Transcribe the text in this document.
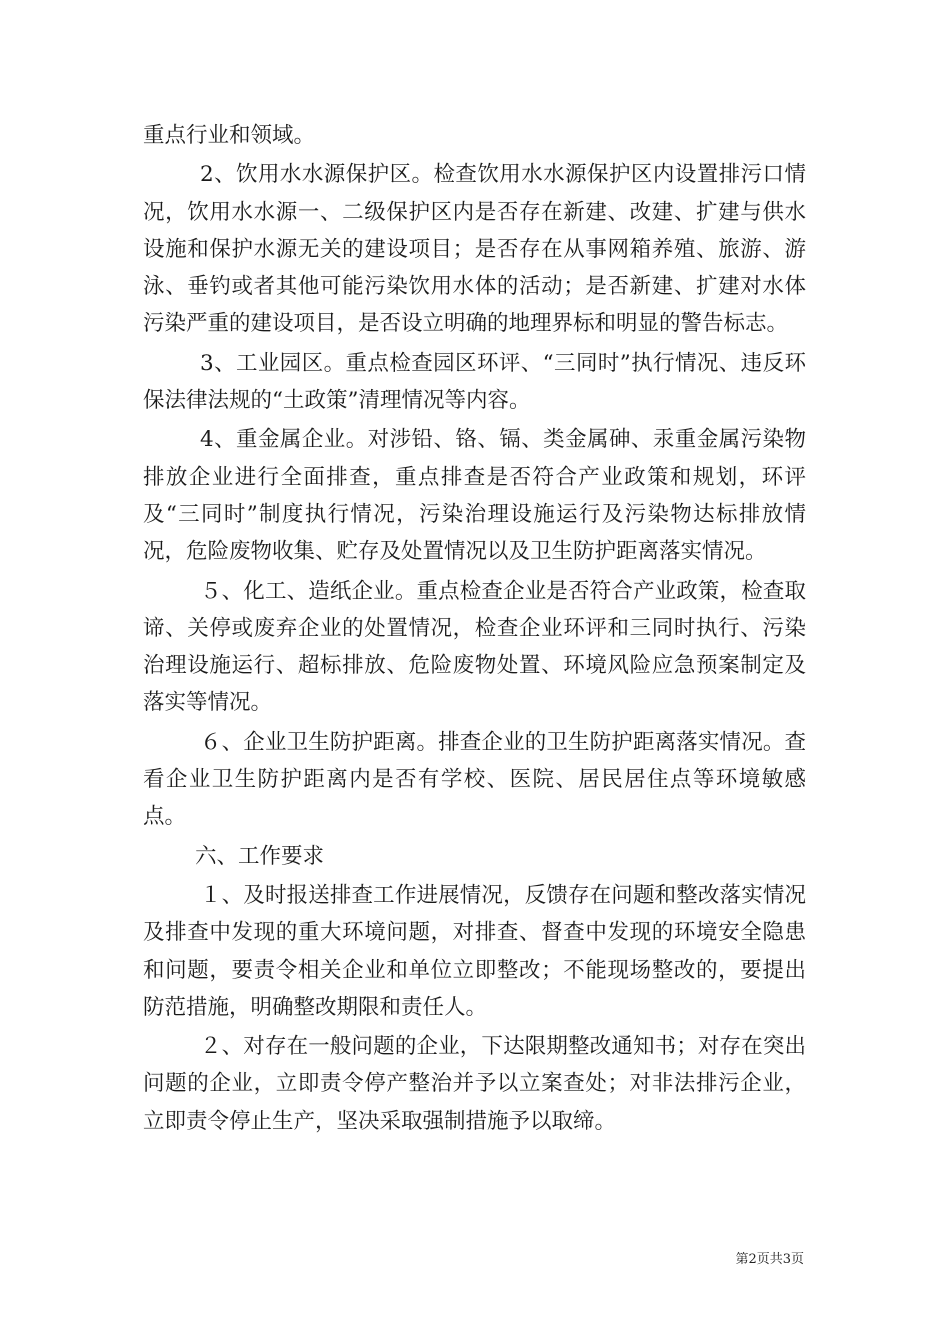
重点行业和领域。

2、饮用水水源保护区。检查饮用水水源保护区内设置排污口情况，饮用水水源一、二级保护区内是否存在新建、改建、扩建与供水设施和保护水源无关的建设项目；是否存在从事网箱养殖、旅游、游泳、垂钓或者其他可能污染饮用水体的活动；是否新建、扩建对水体污染严重的建设项目，是否设立明确的地理界标和明显的警告标志。

3、工业园区。重点检查园区环评、“三同时”执行情况、违反环保法律法规的“土政策”清理情况等内容。

4、重金属企业。对涉铅、铬、镉、类金属砷、汞重金属污染物排放企业进行全面排查，重点排查是否符合产业政策和规划，环评及“三同时”制度执行情况，污染治理设施运行及污染物达标排放情况，危险废物收集、贮存及处置情况以及卫生防护距离落实情况。

５、化工、造纸企业。重点检查企业是否符合产业政策，检查取谛、关停或废弃企业的处置情况，检查企业环评和三同时执行、污染治理设施运行、超标排放、危险废物处置、环境风险应急预案制定及落实等情况。

６、企业卫生防护距离。排查企业的卫生防护距离落实情况。查看企业卫生防护距离内是否有学校、医院、居民居住点等环境敏感点。

六、工作要求

１、及时报送排查工作进展情况，反馈存在问题和整改落实情况及排查中发现的重大环境问题，对排查、督查中发现的环境安全隐患和问题，要责令相关企业和单位立即整改；不能现场整改的，要提出防范措施，明确整改期限和责任人。

２、对存在一般问题的企业，下达限期整改通知书；对存在突出问题的企业，立即责令停产整治并予以立案查处；对非法排污企业，立即责令停止生产，坚决采取强制措施予以取缔。

第2页共3页
